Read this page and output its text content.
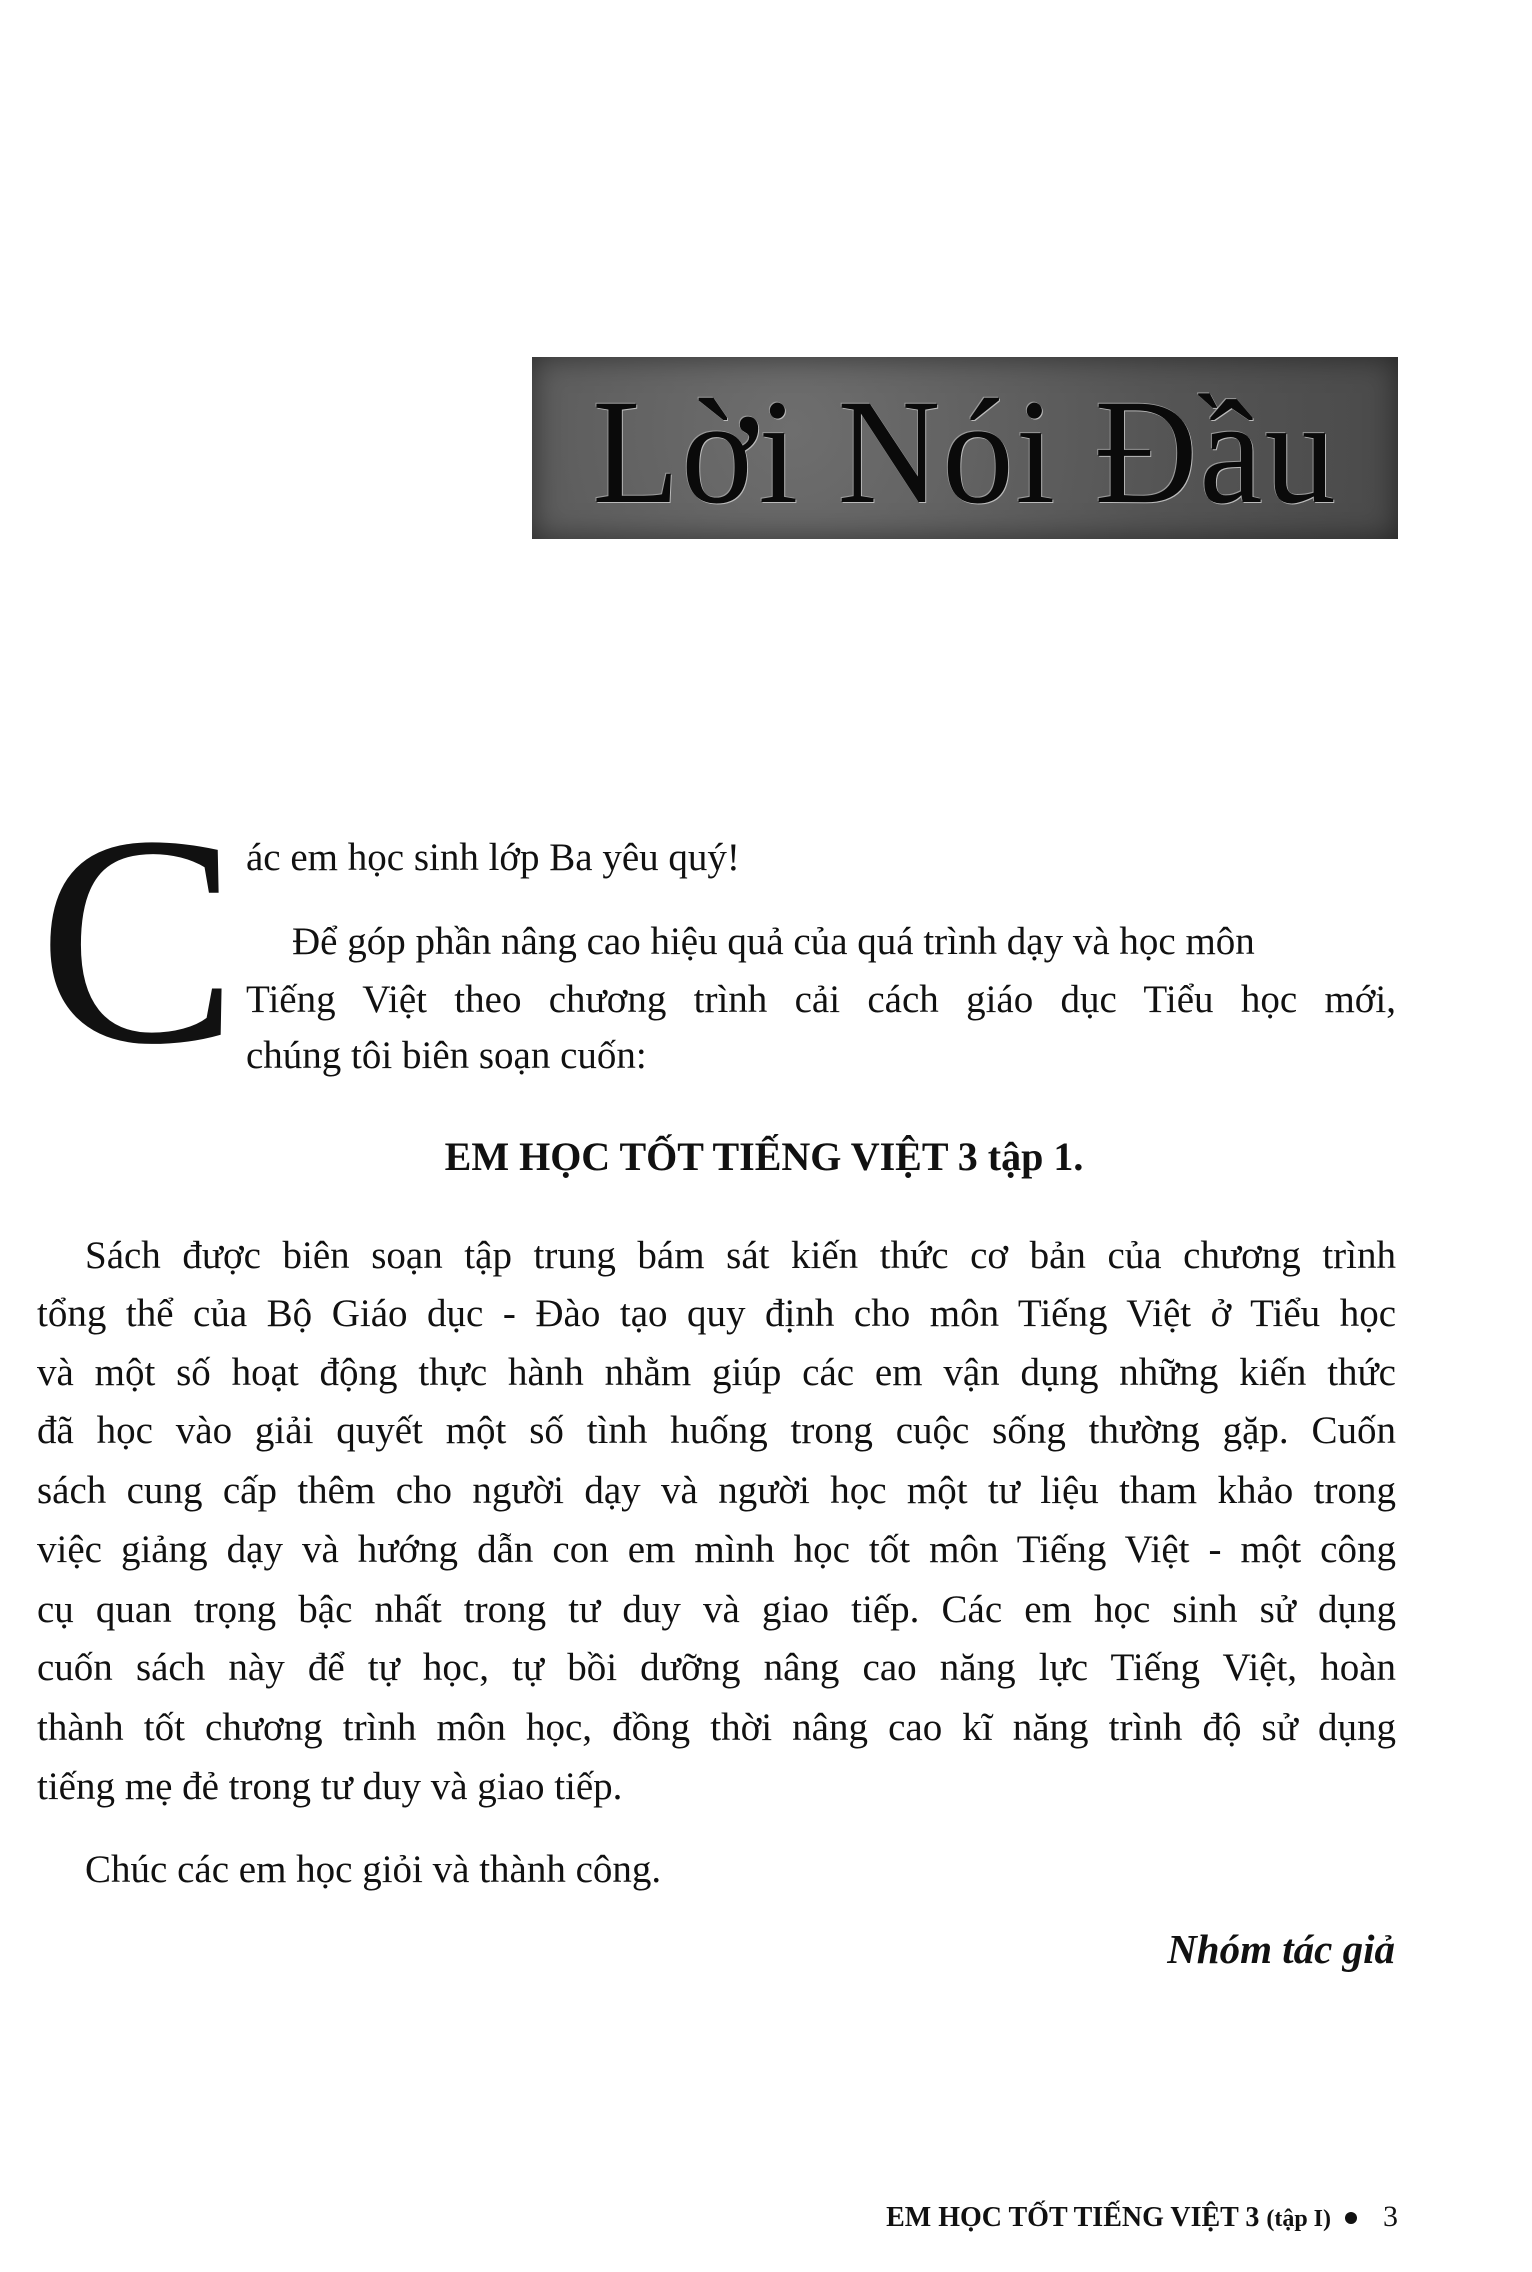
Lời Nói Đầu
C ác em học sinh lớp Ba yêu quý!
Để góp phần nâng cao hiệu quả của quá trình dạy và học môn
Tiếng Việt theo chương trình cải cách giáo dục Tiểu học mới,
chúng tôi biên soạn cuốn:
EM HỌC TỐT TIẾNG VIỆT 3 tập 1.
Sách được biên soạn tập trung bám sát kiến thức cơ bản của chương trình
tổng thể của Bộ Giáo dục - Đào tạo quy định cho môn Tiếng Việt ở Tiểu học
và một số hoạt động thực hành nhằm giúp các em vận dụng những kiến thức
đã học vào giải quyết một số tình huống trong cuộc sống thường gặp. Cuốn
sách cung cấp thêm cho người dạy và người học một tư liệu tham khảo trong
việc giảng dạy và hướng dẫn con em mình học tốt môn Tiếng Việt - một công
cụ quan trọng bậc nhất trong tư duy và giao tiếp. Các em học sinh sử dụng
cuốn sách này để tự học, tự bồi dưỡng nâng cao năng lực Tiếng Việt, hoàn
thành tốt chương trình môn học, đồng thời nâng cao kĩ năng trình độ sử dụng
tiếng mẹ đẻ trong tư duy và giao tiếp.
Chúc các em học giỏi và thành công.
Nhóm tác giả
EM HỌC TỐT TIẾNG VIỆT 3 (tập I) 3
